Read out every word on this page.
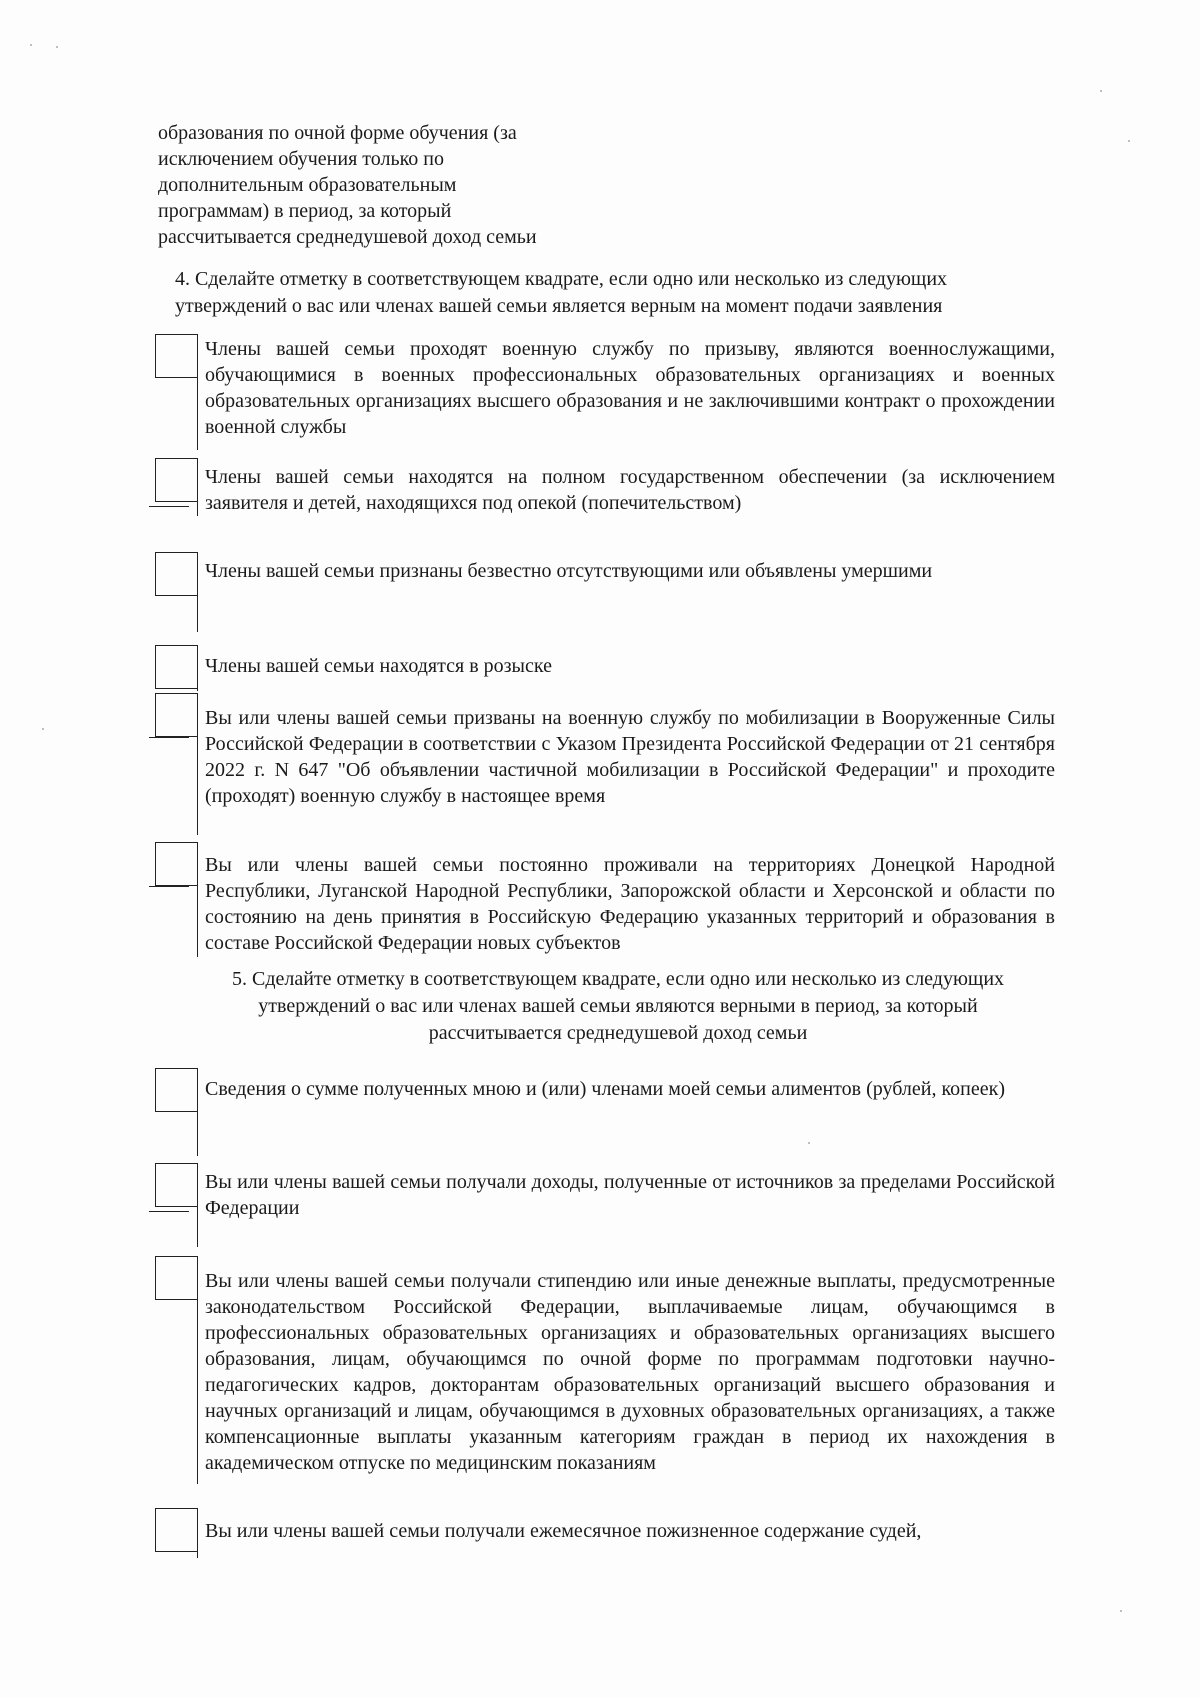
образования по очной форме обучения (за
исключением обучения только по
дополнительным образовательным
программам) в период, за который
рассчитывается среднедушевой доход семьи
4. Сделайте отметку в соответствующем квадрате, если одно или несколько из следующих утверждений о вас или членах вашей семьи является верным на момент подачи заявления
Члены вашей семьи проходят военную службу по призыву, являются военнослужащими, обучающимися в военных профессиональных образовательных организациях и военных образовательных организациях высшего образования и не заключившими контракт о прохождении военной службы
Члены вашей семьи находятся на полном государственном обеспечении (за исключением заявителя и детей, находящихся под опекой (попечительством)
Члены вашей семьи признаны безвестно отсутствующими или объявлены умершими
Члены вашей семьи находятся в розыске
Вы или члены вашей семьи призваны на военную службу по мобилизации в Вооруженные Силы Российской Федерации в соответствии с Указом Президента Российской Федерации от 21 сентября 2022 г. N 647 "Об объявлении частичной мобилизации в Российской Федерации" и проходите (проходят) военную службу в настоящее время
Вы или члены вашей семьи постоянно проживали на территориях Донецкой Народной Республики, Луганской Народной Республики, Запорожской области и Херсонской и области по состоянию на день принятия в Российскую Федерацию указанных территорий и образования в составе Российской Федерации новых субъектов
5. Сделайте отметку в соответствующем квадрате, если одно или несколько из следующих
утверждений о вас или членах вашей семьи являются верными в период, за который
рассчитывается среднедушевой доход семьи
Сведения о сумме полученных мною и (или) членами моей семьи алиментов (рублей, копеек)
Вы или члены вашей семьи получали доходы, полученные от источников за пределами Российской Федерации
Вы или члены вашей семьи получали стипендию или иные денежные выплаты, предусмотренные законодательством Российской Федерации, выплачиваемые лицам, обучающимся в профессиональных образовательных организациях и образовательных организациях высшего образования, лицам, обучающимся по очной форме по программам подготовки научно-педагогических кадров, докторантам образовательных организаций высшего образования и научных организаций и лицам, обучающимся в духовных образовательных организациях, а также компенсационные выплаты указанным категориям граждан в период их нахождения в академическом отпуске по медицинским показаниям
Вы или члены вашей семьи получали ежемесячное пожизненное содержание судей,
